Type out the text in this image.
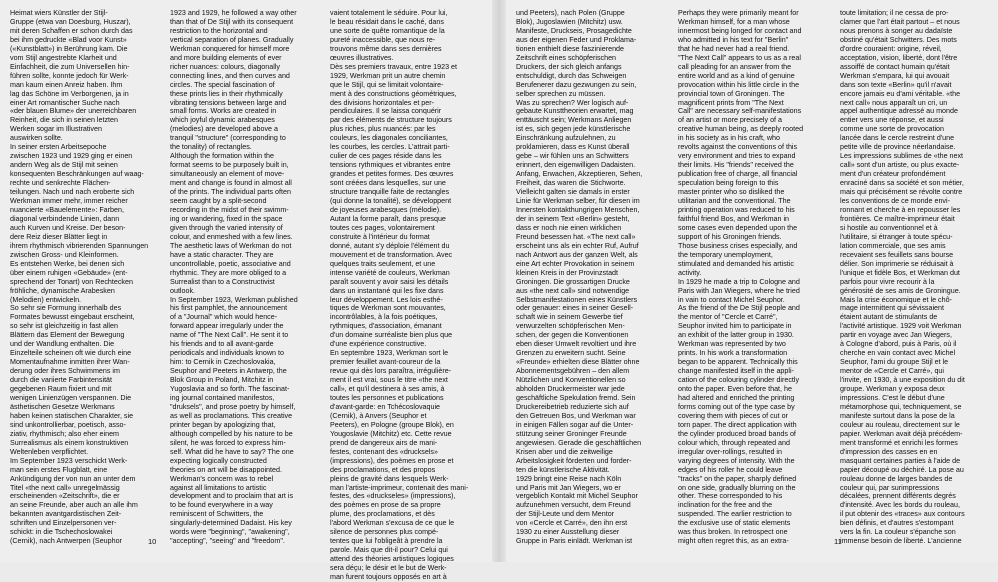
Heimat wiers Künstler der Stijl-
Gruppe (etwa van Doesburg, Huszar),
mit deren Schaffen er schon durch das
bei ihm gedruckte «Blad voor Kunst»
(«Kunstblatt») in Berührung kam. Die
vom Stijl angestrebte Klarheit und
Einfachheit, die zum Universellen hin-
führen sollte, konnte jedoch für Werk-
man kaum einen Anreiz haben. Ihm
lag das Schöne im Verborgenen, ja in
einer Art romantischer Suche nach
«der blauen Blume» der unerreichbaren
Reinheit, die sich in seinen letzten
Werken sogar im Illustrativen
auswirken sollte.
In seiner ersten Arbeitsepoche
zwischen 1923 und 1929 ging er einen
andern Weg als de Stijl mit seinen
konsequenten Beschränkungen auf waag-
rechte und senkrechte Flächen-
teilungen. Nach und nach eroberte sich
Werkman immer mehr, immer reicher
nuancierte «Bauelemente»: Farben,
diagonal verbindende Linien, dann
auch Kurven und Kreise. Der beson-
dere Reiz dieser Blätter liegt in
ihrem rhythmisch vibrierenden Spannungen
zwischen Gross- und Kleinformen.
Es entstehen Werke, bei denen sich
über einem ruhigen «Gebäude» (ent-
sprechend der Tonart) von Rechtecken
fröhliche, dynamische Arabesken
(Melodien) entwickeln.
So sehr sie Formung innerhalb des
Formates bewusst eingebaut erscheint,
so sehr ist gleichzeitig in fast allen
Blättern das Element der Bewegung
und der Wandlung enthalten. Die
Einzelteile scheinen oft wie durch eine
Momentaufnahme inmitten ihrer Wan-
derung oder ihres Schwimmens im
durch die variierte Farbintensität
gegebenen Raum fixiert und mit
wenigen Linienzügen verspannen. Die
ästhetischen Gesetze Werkmans
haben keinen statischen Charakter, sie
sind unkontrollierbar, poetisch, asso-
ziativ, rhythmisch; also eher einem
Surrealismus als einem konstruktiven
Weltenleben verpflichtet.
Im September 1923 verschickt Werk-
man sein erstes Flugblatt, eine
Ankündigung der von nun an unter dem
Titel «the next call» unregelmässig
erscheinenden «Zeitschrift», die er
an seine Freunde, aber auch an alle ihm
bekannten avantgardistischen Zeit-
schriften und Einzelpersonen ver-
schickt: in die Tschechoslowakei
(Cernik), nach Antwerpen (Seuphor

1923 and 1929, he followed a way other
than that of De Stijl with its consequent
restriction to the horizontal and
vertical separation of planes. Gradually
Werkman conquered for himself more
and more building elements of ever
richer nuances: colours, diagonally
connecting lines, and then curves and
circles. The special fascination of
these prints lies in their rhythmically
vibrating tensions between large and
small forms. Works are created in
which joyful dynamic arabesques
(melodies) are developed above a
tranquil "structure" (corresponding to
the tonality) of rectangles.
Although the formation within the
format seems to be purposely built in,
simultaneously an element of move-
ment and change is found in almost all
of the prints. The individual parts often
seem caught by a split-second
recording in the midst of their swimm-
ing or wandering, fixed in the space
given through the varied intensity of
colour, and enmeshed with a few lines.
The aesthetic laws of Werkman do not
have a static character. They are
uncontrollable, poetic, associative and
rhythmic. They are more obliged to a
Surrealist than to a Constructivist
outlook.
In September 1923, Werkman published
his first pamphlet, the announcement
of a "Journal" which would hence-
forward appear irregularly under the
name of "The Next Call". He sent it to
his friends and to all avant-garde
periodicals and individuals known to
him: to Cernik in Czechoslovakia,
Seuphor and Peeters in Antwerp, the
Blok Group in Poland, Mitchitz in
Yugoslavia and so forth. The fascinat-
ing journal contained manifestos,
"druksels", and prose poetry by himself,
as well as proclamations. This creative
printer began by apologizing that,
although compelled by his nature to be
silent, he was forced to express him-
self. What did he have to say? The one
expecting logically constructed
theories on art will be disappointed.
Werkman's concern was to rebel
against all limitations to artistic
development and to proclaim that art is
to be found everywhere in a way
reminiscent of Schwitters, the
singularly-determined Dadaist. His key
words were "beginning", "awakening",
"accepting", "seeing" and "freedom".

vaient totalement le séduire. Pour lui,
le beau résidait dans le caché, dans
une sorte de quête romantique de la
pureté inaccessible, que nous re-
trouvons même dans ses dernières
œuvres illustratives.
Dès ses premiers travaux, entre 1923 et
1929, Werkman prit un autre chemin
que le Stijl, qui se limitait volontaire-
ment à des constructions géométriques,
des divisions horizontales et per-
pendiculaires. Il se laissa conquérir
par des éléments de structure toujours
plus riches, plus nuancés: par les
couleurs, les diagonales conciliantes,
les courbes, les cercles. L'attrait parti-
culier de ces pages réside dans les
tensions rythmiques et vibrantes entre
grandes et petites formes. Des œuvres
sont créées dans lesquelles, sur une
structure tranquille faite de rectangles
(qui donne la tonalité), se développent
de joyeuses arabesques (mélodie).
Autant la forme paraît, dans presque
toutes ces pages, volontairement
construite à l'intérieur du format
donné, autant s'y déploie l'élément du
mouvement et de transformation. Avec
quelques traits seulement, et une
intense variété de couleurs, Werkman
paraît souvent y avoir saisi les détails
dans un instantané qui les fixe dans
leur développement. Les lois esthé-
tiques de Werkman sont mouvantes,
incontrôlables, à la fois poétiques,
rythmiques, d'association, émanant
d'un domaine surréaliste bien plus que
d'une expérience constructive.
En septembre 1923, Werkman sort le
premier feuillet avant-coureur de la
revue qui dès lors paraîtra, irrégulière-
ment il est vrai, sous le titre «the next
call», et qu'il destinera à ses amis, à
toutes les personnes et publications
d'avant-garde: en Tchécoslovaquie
(Cernik), à Anvers (Seuphor et
Peeters), en Pologne (groupe Blok), en
Yougoslavie (Mitchitz) etc. Cette revue
prend de dangereux airs de mani-
festes, contenant des «drucksels»
(impressions), des poèmes en prose et
des proclamations, et des propos
pleins de gravité dans lesquels Werk-
man l'artiste-imprimeur, contenait des mani-
festes, des «druckseles» (impressions),
des poèmes en prose de sa propre
plume, des proclamations, et dès
l'abord Werkman s'excusa de ce que le
silence de personnes plus compé-
tentes que lui l'obligeât à prendre la
parole. Mais que dit-il pour? Celui qui
attend des théories artistiques logiques
sera déçu; le désir et le but de Werk-
man furent toujours opposés en art à

10

und Peeters), nach Polen (Gruppe
Blok), Jugoslawien (Mitchitz) usw.
Manifeste, Druckseis, Prosagedichte
aus der eigenen Feder und Proklama-
tionen enthielt diese faszinierende
Zeitschrift eines schöpferischen
Druckers, der sich gleich anfangs
entschuldigt, durch das Schweigen
Berufenerer dazu gezwungen zu sein,
selber sprechen zu müssen.
Was zu sprechen? Wer logisch auf-
gebaute Kunsttheorien erwartet, mag
enttäuscht sein; Werkmans Anliegen
ist es, sich gegen jede künstlerische
Einschränkung aufzulehnen, zu
proklamieren, dass es Kunst überall
gebe – wir fühlen uns an Schwitters
erinnert, den eigenwilligen Dadaisten.
Anfang, Erwachen, Akzeptieren, Sehen,
Freiheit, das waren die Stichworte.
Vielleicht galten sie damals in erster
Linie für Werkman selber, für diesen im
Innersten kontakthungrigen Menschen,
der in seinem Text «Berlin» gesteht,
dass er noch nie einen wirklichen
Freund besessen hat. «The next call»
erscheint uns als ein echter Ruf, Aufruf
nach Antwort aus der ganzen Welt, als
eine Art echter Provokation in seinem
kleinen Kreis in der Provinzstadt
Groningen. Die grossartigen Drucke
aus «the next call» sind notwendige
Selbstmanifestationen eines Künstlers
oder genauer: eines in seiner Gesell-
schaft wie in seinem Gewerbe tief
verwurzelten schöpferischen Men-
schen, der gegen die Konventionen
eben dieser Umwelt revoltiert und ihre
Grenzen zu erweitern sucht. Seine
«Freunde» erhielten diese Blätter ohne
Abonnementsgebühren – den allem
Nützlichen und Konventionellen so
abholden Druckermeister war jede
geschäftliche Spekulation fremd. Sein
Druckereibetrieb reduzierte sich auf
den Getreuen Bos, und Werkman war
in einigen Fällen sogar auf die Unter-
stützung seiner Groninger Freunde
angewiesen. Gerade die geschäftlichen
Krisen aber und die zeitweilige
Arbeitslosigkeit förderten und forder-
ten die künstlerische Aktivität.
1929 bringt eine Reise nach Köln
und Paris mit Jan Wiegers, wo er
vergeblich Kontakt mit Michel Seuphor
aufzunehmen versucht, dem Freund
der Stijl-Leute und dem Mentor
von «Cercle et Carré», den ihn erst
1930 zu einer Ausstellung dieser
Gruppe in Paris einlädt. Werkman ist

Perhaps they were primarily meant for
Werkman himself, for a man whose
innermost being longed for contact and
who admitted in his text for "Berlin"
that he had never had a real friend.
"The Next Call" appears to us as a real
call pleading for an answer from the
entire world and as a kind of genuine
provocation within his little circle in the
provincial town of Groningen. The
magnificent prints from "The Next
Call" are necessary self-manifestations
of an artist or more precisely of a
creative human being, as deeply rooted
in his society as in his craft, who
revolts against the conventions of this
very environment and tries to expand
their limits. His "friends" received the
publication free of charge, all financial
speculation being foreign to this
master printer who so disliked the
utilitarian and the conventional. The
printing operation was reduced to his
faithful friend Bos, and Werkman in
some cases even depended upon the
support of his Groningen friends.
Those business crises especially, and
the temporary unemployment,
stimulated and demanded his artistic
activity.
In 1929 he made a trip to Cologne and
Paris with Jan Wiegers, where he tried
in vain to contact Michel Seuphor.
As the friend of the De Stijl people and
the mentor of "Cercle et Carré",
Seuphor invited him to participate in
an exhibit of the latter group in 1930.
Werkman was represented by two
prints. In his work a transformation
began to be apparent. Technically this
change manifested itself in the appli-
cation of the colouring cylinder directly
onto the paper. Even before that, he
had altered and enriched the printing
forms coming out of the type case by
covering them with pieces of cut or
torn paper. The direct application with
the cylinder produced broad bands of
colour which, through repeated and
irregular over-rollings, resulted in
varying degrees of intensity. With the
edges of his roller he could leave
"tracks" on the paper, sharply defined
on one side, gradually blurring on the
other. These corresponded to his
inclination for the free and the
suspended. The earlier restriction to
the exclusive use of static elements
was thus broken. In retrospect one
might often regret this, as an extra-

toute limitation; il ne cessa de pro-
clamer que l'art était partout – et nous
nous prenons à songer au dadaïste
obstiné qu'était Schwitters. Des mots
d'ordre couraient: origine, réveil,
acceptation, vision, liberté, dont l'être
assoiffé de contact humain qu'était
Werkman s'empara, lui qui avouait
dans son texte «Berlin» qu'il n'avait
encore jamais eu d'ami véritable. «the
next call» nous apparaît un cri, un
appel authentique adressé au monde
entier vers une réponse, et aussi
comme une sorte de provocation
lancée dans le cercle restreint d'une
petite ville de province néerlandaise.
Les impressions sublimes de «the next
call» sont d'un artiste, ou plus exacte-
ment d'un créateur profondément
enraciné dans sa société et son métier,
mais qui précisément se révolte contre
les conventions de ce monde envi-
ronnant et cherche à en repousser les
frontières. Ce maître-imprimeur était
si hostile au conventionnel et à
l'utilitaire, si étranger à toute spécu-
lation commerciale, que ses amis
recevaient ses feuillets sans bourse
délier. Son imprimerie se réduisait à
l'unique et fidèle Bos, et Werkman dut
parfois pour vivre recourir à la
générosité de ses amis de Groningue.
Mais la crise économique et le chô-
mage intermittent qui sévissaient
étaient autant de stimulants de
l'activité artistique. 1929 voit Werkman
partir en voyage avec Jan Wiegers,
à Cologne d'abord, puis à Paris, où il
cherche en vain contact avec Michel
Seuphor, l'ami du groupe Stijl et le
mentor de «Cercle et Carré», qui
l'invite, en 1930, à une exposition du dit
groupe. Werkman y exposa deux
impressions. C'est le début d'une
métamorphose qui, techniquement, se
manifeste surtout dans la pose de la
couleur au rouleau, directement sur le
papier. Werkman avait déjà précédem-
ment transformé et enrichi les formes
d'impression des casses en en
masquant certaines parties à l'aide de
papier découpé ou déchiré. La pose au
rouleau donne de larges bandes de
couleur qui, par surimpressions
décalées, prennent différents degrés
d'intensité. Avec les bords du rouleau,
il put obtenir des «traces» aux contours
bien définis, et d'autres s'estompant
vers la fin. La couleur s'épanche son
immense besoin de liberté. L'ancienne

11
